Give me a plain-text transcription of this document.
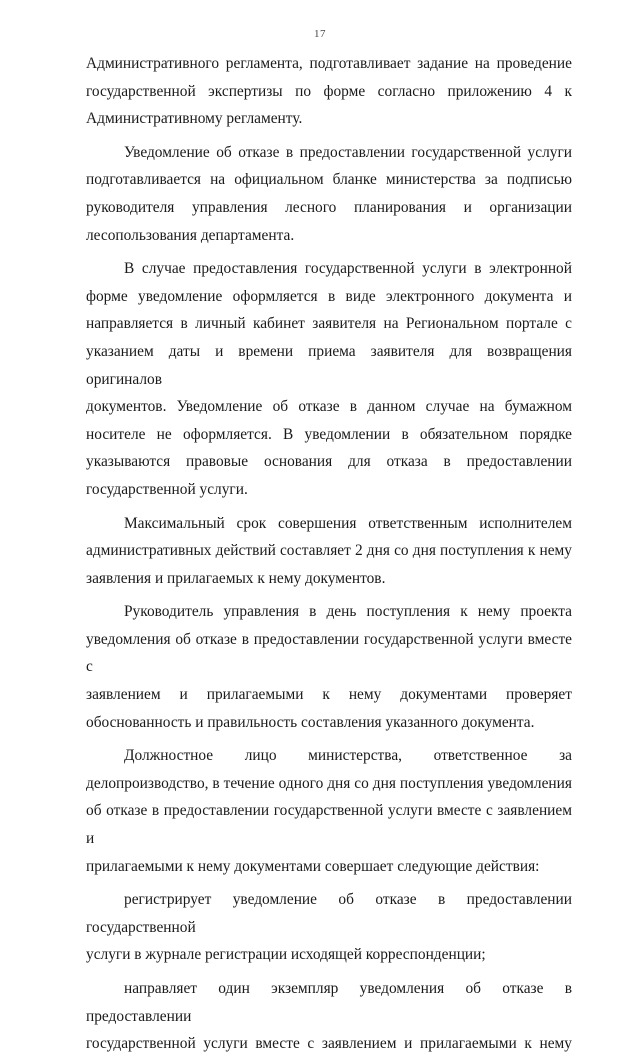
17

Административного регламента, подготавливает задание на проведение

государственной экспертизы по форме согласно приложению 4 к

Административному регламенту.

Уведомление об отказе в предоставлении государственной услуги

подготавливается на официальном бланке министерства за подписью

руководителя управления лесного планирования и организации

лесопользования департамента.

В случае предоставления государственной услуги в электронной

форме уведомление оформляется в виде электронного документа и

направляется в личный кабинет заявителя на Региональном портале с

указанием даты и времени приема заявителя для возвращения оригиналов

документов. Уведомление об отказе в данном случае на бумажном

носителе не оформляется. В уведомлении в обязательном порядке

указываются правовые основания для отказа в предоставлении

государственной услуги.

Максимальный срок совершения ответственным исполнителем

административных действий составляет 2 дня со дня поступления к нему

заявления и прилагаемых к нему документов.

Руководитель управления в день поступления к нему проекта

уведомления об отказе в предоставлении государственной услуги вместе с

заявлением и прилагаемыми к нему документами проверяет

обоснованность и правильность составления указанного документа.

Должностное лицо министерства, ответственное за

делопроизводство, в течение одного дня со дня поступления уведомления

об отказе в предоставлении государственной услуги вместе с заявлением и

прилагаемыми к нему документами совершает следующие действия:

регистрирует уведомление об отказе в предоставлении государственной

услуги в журнале регистрации исходящей корреспонденции;

направляет один экземпляр уведомления об отказе в предоставлении

государственной услуги вместе с заявлением и прилагаемыми к нему
